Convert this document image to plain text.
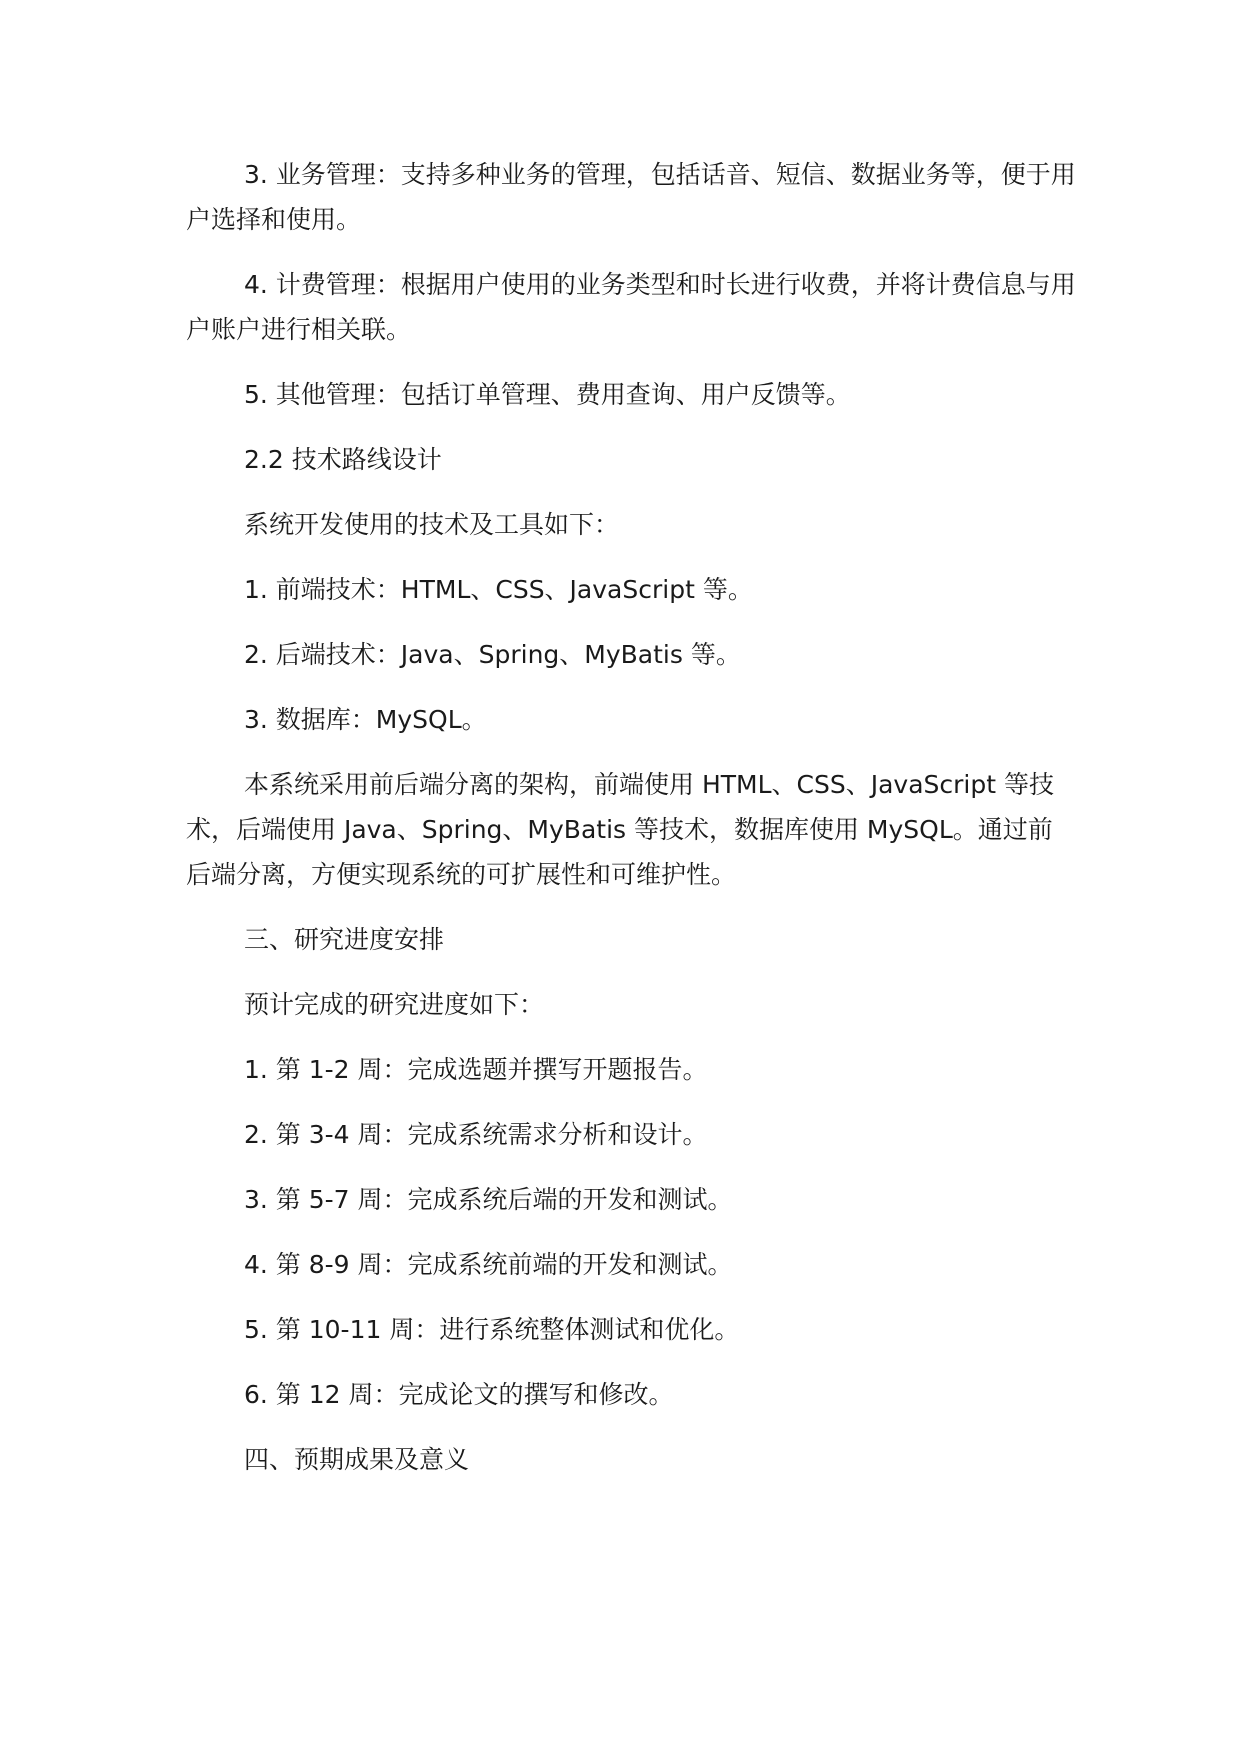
3. 业务管理：支持多种业务的管理，包括话音、短信、数据业务等，便于用户选择和使用。

4. 计费管理：根据用户使用的业务类型和时长进行收费，并将计费信息与用户账户进行相关联。

5. 其他管理：包括订单管理、费用查询、用户反馈等。

2.2 技术路线设计

系统开发使用的技术及工具如下：

1. 前端技术：HTML、CSS、JavaScript 等。

2. 后端技术：Java、Spring、MyBatis 等。

3. 数据库：MySQL。

本系统采用前后端分离的架构，前端使用 HTML、CSS、JavaScript 等技术，后端使用 Java、Spring、MyBatis 等技术，数据库使用 MySQL。通过前后端分离，方便实现系统的可扩展性和可维护性。

三、研究进度安排

预计完成的研究进度如下：

1. 第 1-2 周：完成选题并撰写开题报告。

2. 第 3-4 周：完成系统需求分析和设计。

3. 第 5-7 周：完成系统后端的开发和测试。

4. 第 8-9 周：完成系统前端的开发和测试。

5. 第 10-11 周：进行系统整体测试和优化。

6. 第 12 周：完成论文的撰写和修改。

四、预期成果及意义
